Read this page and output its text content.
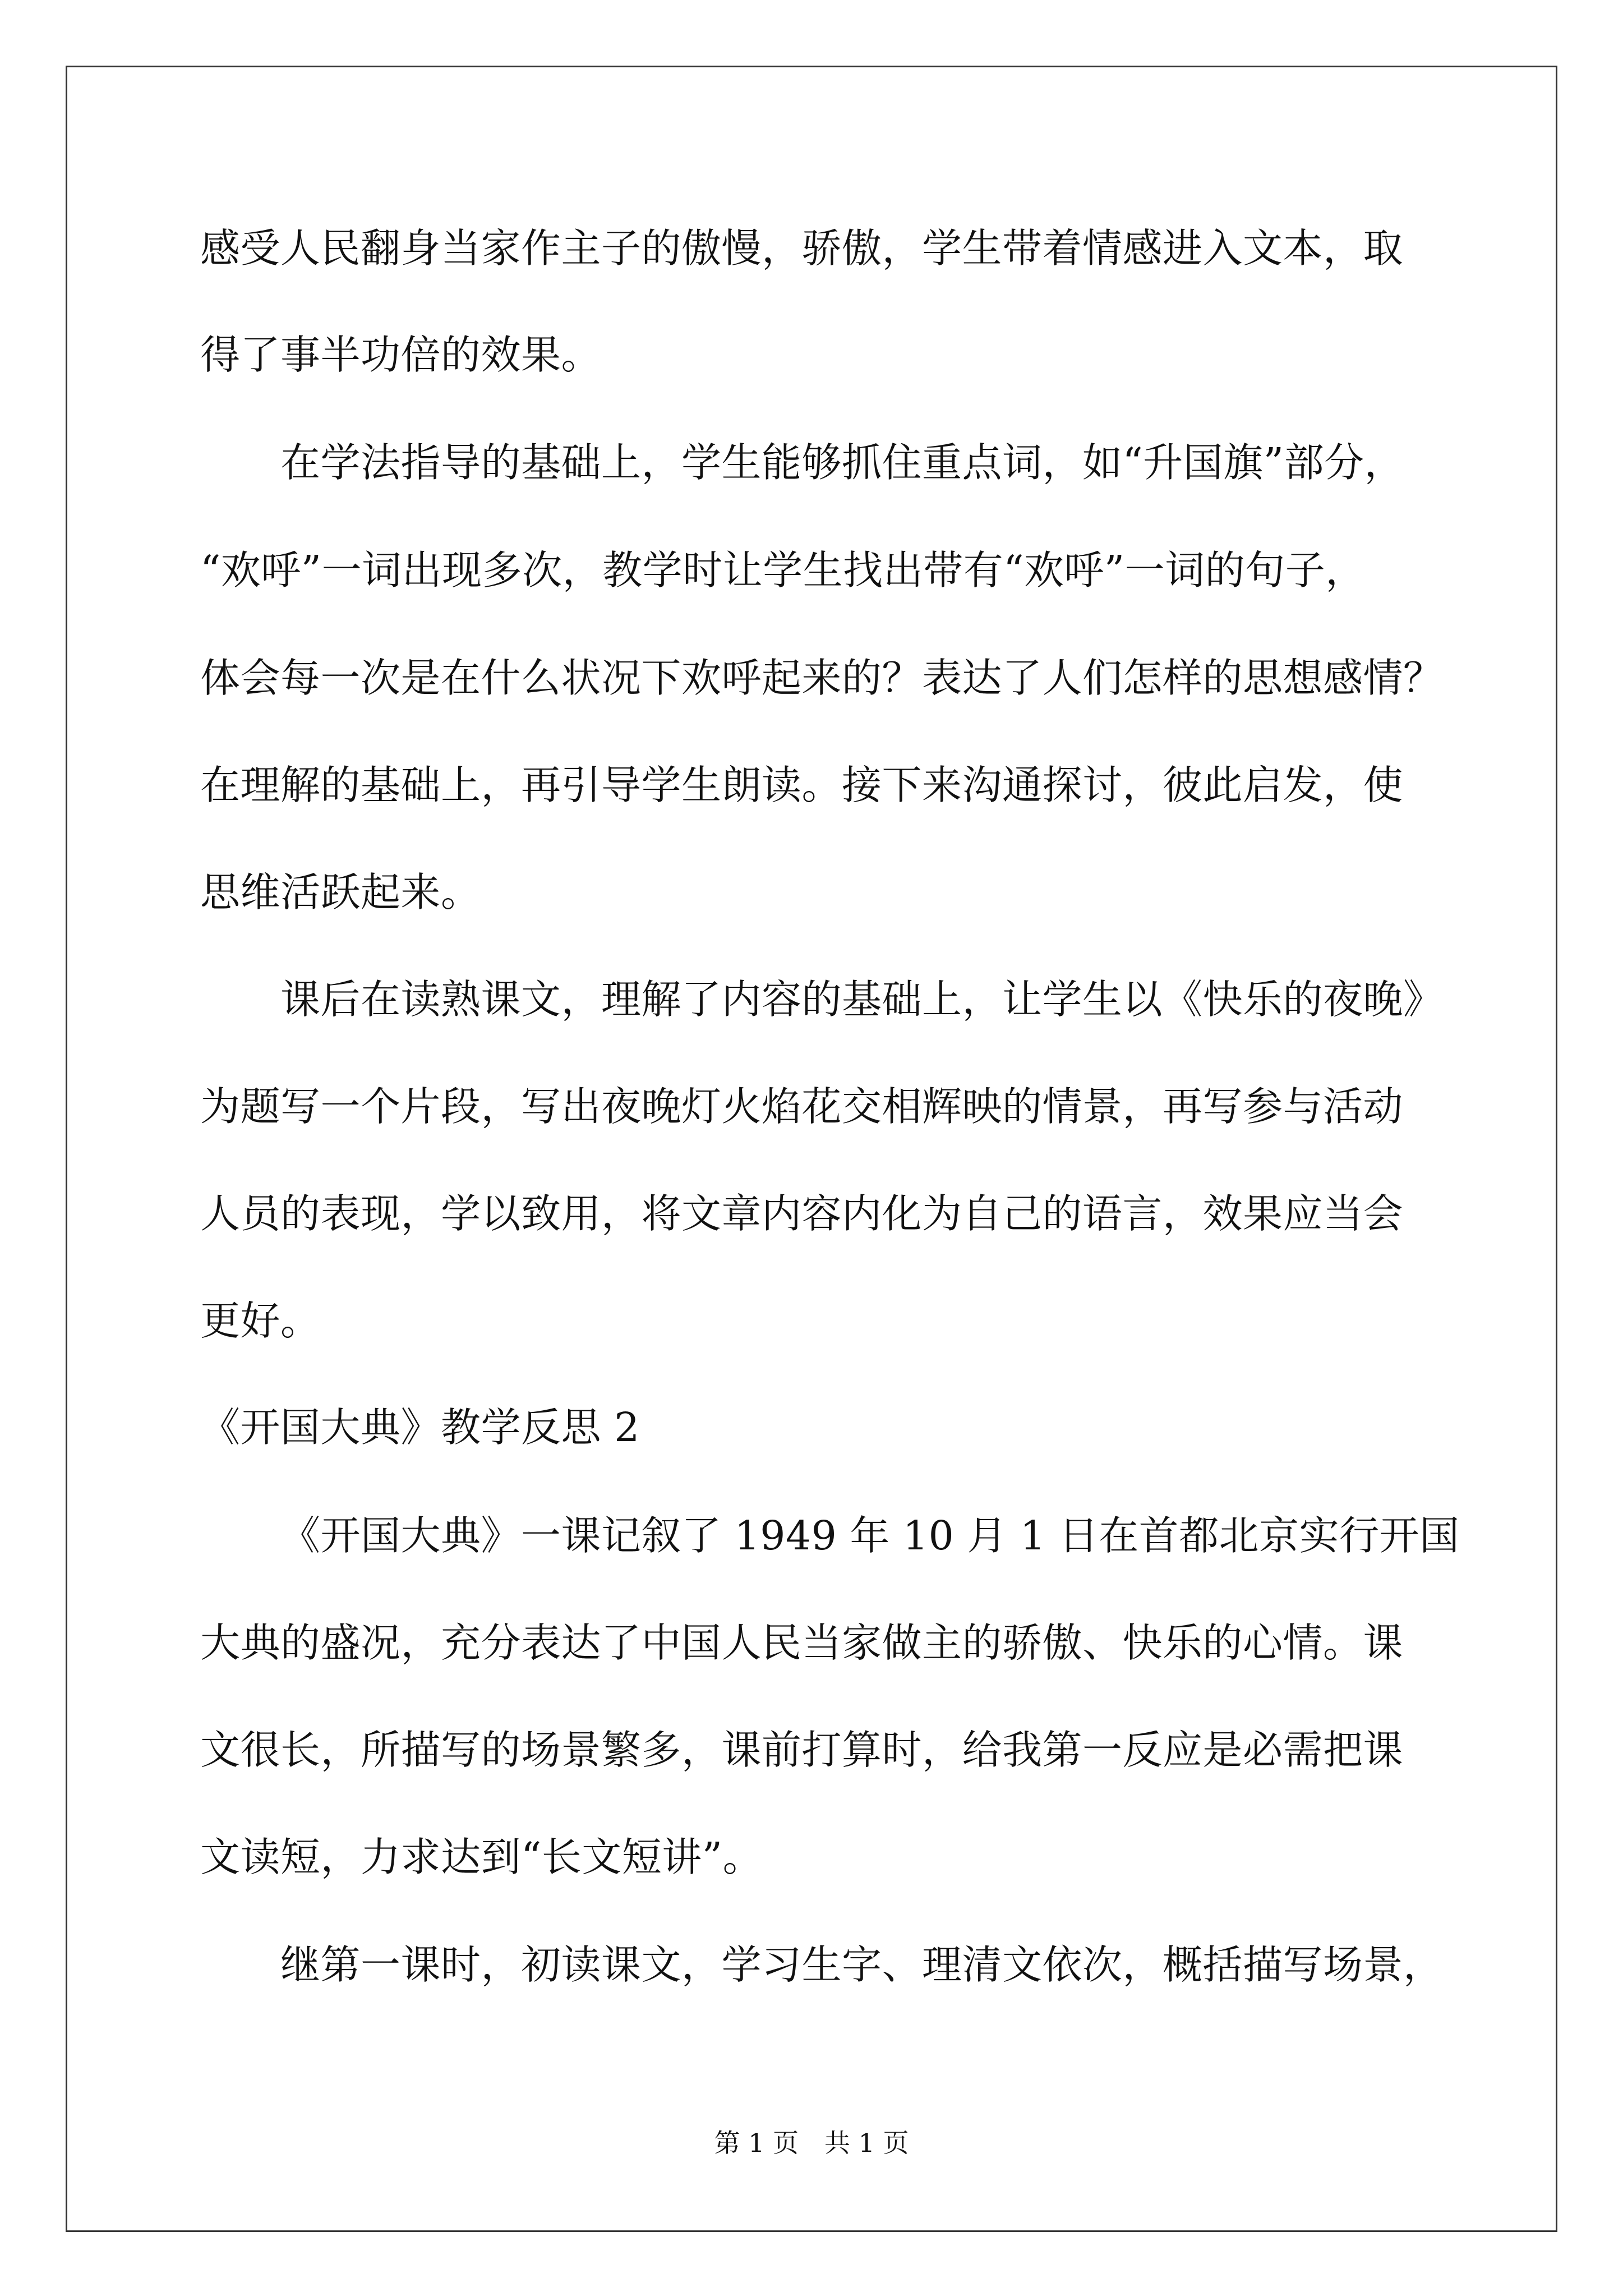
感受人民翻身当家作主子的傲慢，骄傲，学生带着情感进入文本，取
得了事半功倍的效果。
在学法指导的基础上，学生能够抓住重点词，如“升国旗”部分，
“欢呼”一词出现多次，教学时让学生找出带有“欢呼”一词的句子，
体会每一次是在什么状况下欢呼起来的？表达了人们怎样的思想感情？
在理解的基础上，再引导学生朗读。接下来沟通探讨，彼此启发，使
思维活跃起来。
课后在读熟课文，理解了内容的基础上，让学生以《快乐的夜晚》
为题写一个片段，写出夜晚灯火焰花交相辉映的情景，再写参与活动
人员的表现，学以致用，将文章内容内化为自己的语言，效果应当会
更好。
《开国大典》教学反思 2
《开国大典》一课记叙了 1949 年 10 月 1 日在首都北京实行开国
大典的盛况，充分表达了中国人民当家做主的骄傲、快乐的心情。课
文很长，所描写的场景繁多，课前打算时，给我第一反应是必需把课
文读短，力求达到“长文短讲”。
继第一课时，初读课文，学习生字、理清文依次，概括描写场景，
第 1 页　共 1 页
